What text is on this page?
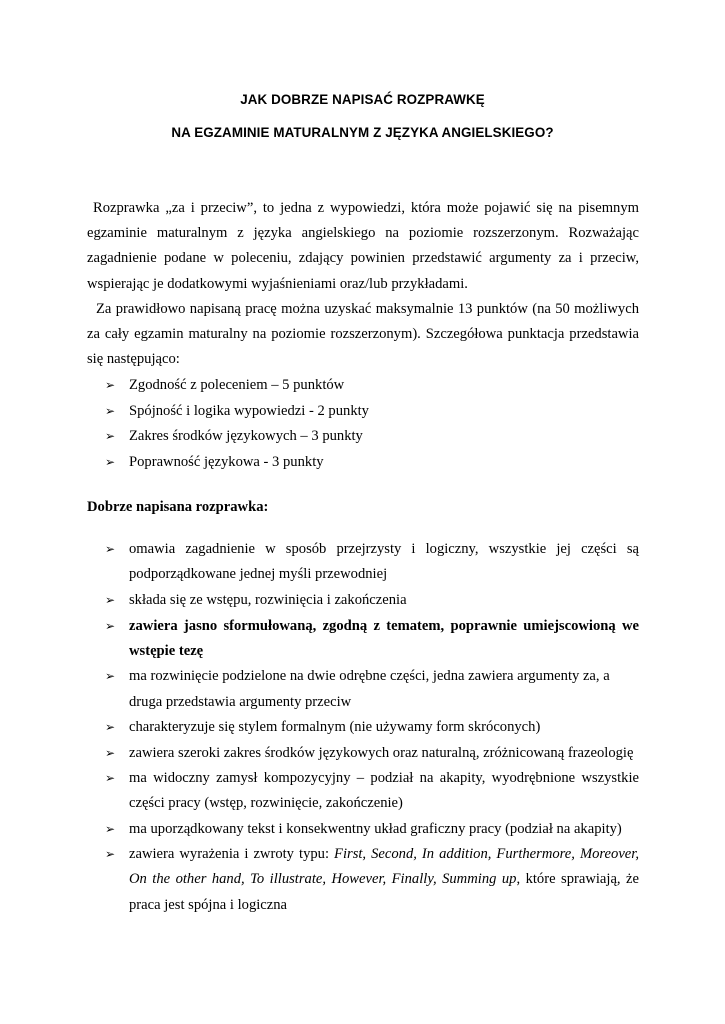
JAK DOBRZE NAPISAĆ ROZPRAWKĘ
NA EGZAMINIE MATURALNYM Z JĘZYKA ANGIELSKIEGO?
Rozprawka „za i przeciw”, to jedna z wypowiedzi, która może pojawić się na pisemnym
egzaminie maturalnym z języka angielskiego na poziomie rozszerzonym. Rozważając
zagadnienie podane w poleceniu, zdający powinien przedstawić argumenty za i przeciw,
wspierając je dodatkowymi wyjaśnieniami oraz/lub przykładami.
Za prawidłowo napisaną pracę można uzyskać maksymalnie 13 punktów (na 50 możliwych
za cały egzamin maturalny na poziomie rozszerzonym). Szczegółowa punktacja przedstawia
się następująco:
➢ Zgodność z poleceniem – 5 punktów
➢ Spójność i logika wypowiedzi - 2 punkty
➢ Zakres środków językowych – 3 punkty
➢ Poprawność językowa - 3 punkty

Dobrze napisana rozprawka:

➢ omawia zagadnienie w sposób przejrzysty i logiczny, wszystkie jej części są
podporządkowane jednej myśli przewodniej
➢ składa się ze wstępu, rozwinięcia i zakończenia
➢ zawiera jasno sformułowaną, zgodną z tematem, poprawnie umiejscowioną we
wstępie tezę
➢ ma rozwinięcie podzielone na dwie odrębne części, jedna zawiera argumenty za, a
druga przedstawia argumenty przeciw
➢ charakteryzuje się stylem formalnym (nie używamy form skróconych)
➢ zawiera szeroki zakres środków językowych oraz naturalną, zróżnicowaną frazeologię
➢ ma widoczny zamysł kompozycyjny – podział na akapity, wyodrębnione wszystkie
części pracy (wstęp, rozwinięcie, zakończenie)
➢ ma uporządkowany tekst i konsekwentny układ graficzny pracy (podział na akapity)
➢ zawiera wyrażenia i zwroty typu: First, Second, In addition, Furthermore, Moreover,
On the other hand, To illustrate, However, Finally, Summing up, które sprawiają, że
praca jest spójna i logiczna
